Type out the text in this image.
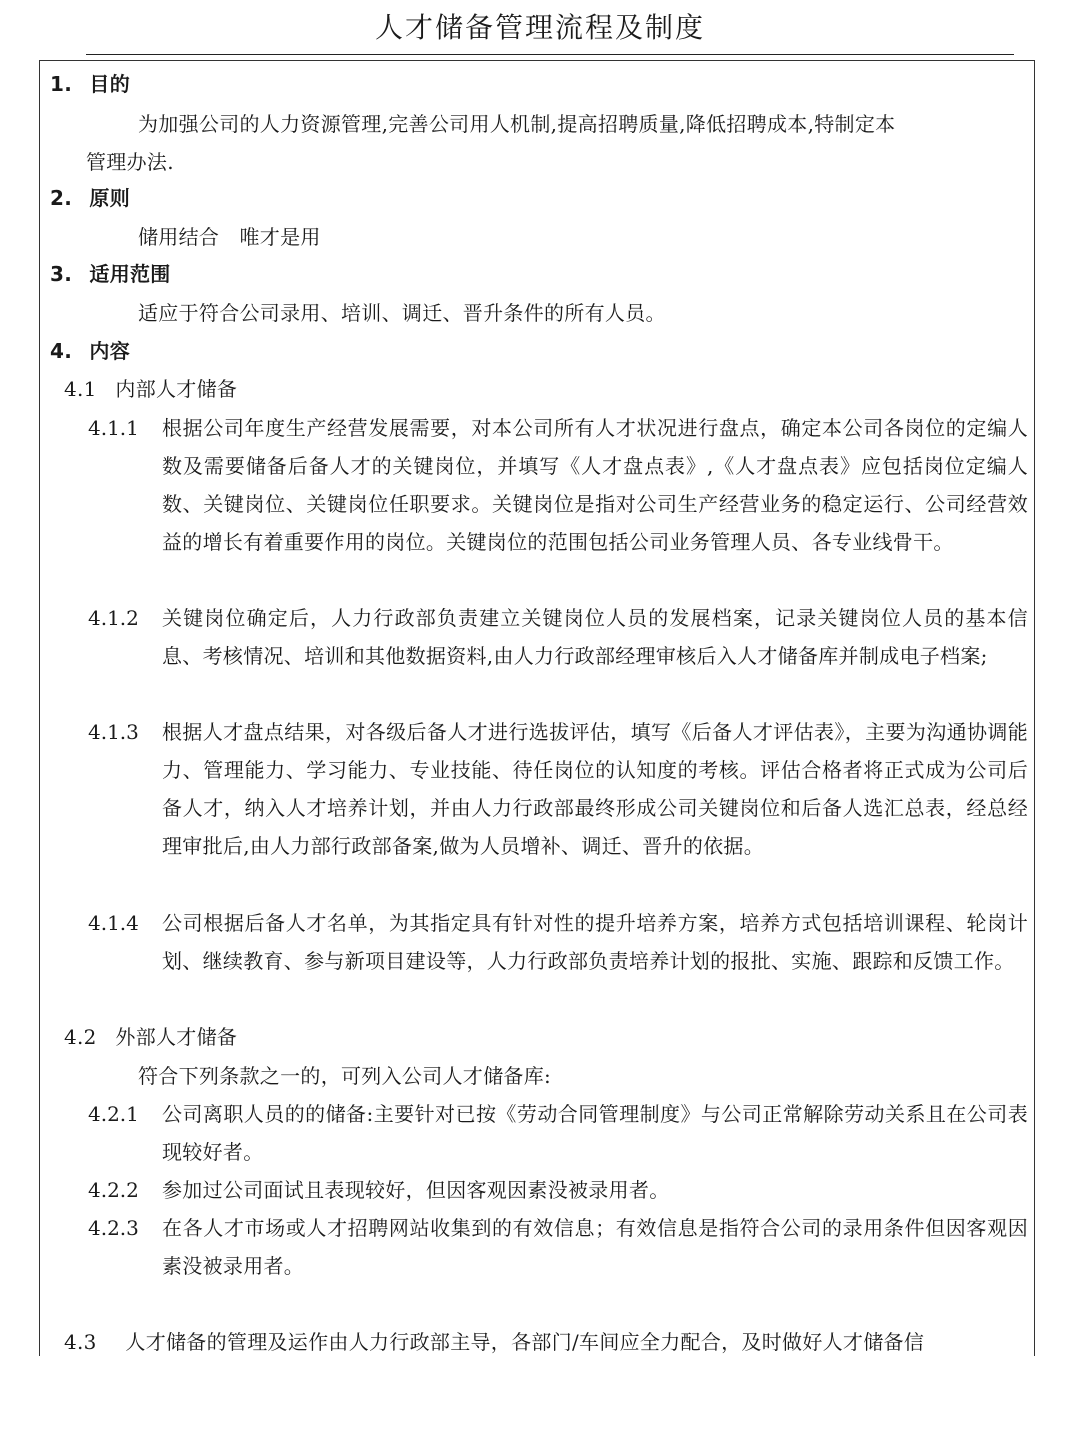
人才储备管理流程及制度
1. 目的
为加强公司的人力资源管理,完善公司用人机制,提高招聘质量,降低招聘成本,特制定本
管理办法.
2. 原则
储用结合　唯才是用
3. 适用范围
适应于符合公司录用、培训、调迁、晋升条件的所有人员。
4. 内容
4.1 内部人才储备
4.1.1 根据公司年度生产经营发展需要，对本公司所有人才状况进行盘点，确定本公司各岗位的定编人数及需要储备后备人才的关键岗位，并填写《人才盘点表》,《人才盘点表》应包括岗位定编人数、关键岗位、关键岗位任职要求。关键岗位是指对公司生产经营业务的稳定运行、公司经营效益的增长有着重要作用的岗位。关键岗位的范围包括公司业务管理人员、各专业线骨干。
4.1.2 关键岗位确定后，人力行政部负责建立关键岗位人员的发展档案，记录关键岗位人员的基本信息、考核情况、培训和其他数据资料,由人力行政部经理审核后入人才储备库并制成电子档案;
4.1.3 根据人才盘点结果，对各级后备人才进行选拔评估，填写《后备人才评估表》，主要为沟通协调能力、管理能力、学习能力、专业技能、待任岗位的认知度的考核。评估合格者将正式成为公司后备人才，纳入人才培养计划，并由人力行政部最终形成公司关键岗位和后备人选汇总表，经总经理审批后,由人力部行政部备案,做为人员增补、调迁、晋升的依据。
4.1.4 公司根据后备人才名单，为其指定具有针对性的提升培养方案，培养方式包括培训课程、轮岗计划、继续教育、参与新项目建设等，人力行政部负责培养计划的报批、实施、跟踪和反馈工作。
4.2 外部人才储备
符合下列条款之一的，可列入公司人才储备库:
4.2.1 公司离职人员的的储备:主要针对已按《劳动合同管理制度》与公司正常解除劳动关系且在公司表现较好者。
4.2.2 参加过公司面试且表现较好，但因客观因素没被录用者。
4.2.3 在各人才市场或人才招聘网站收集到的有效信息；有效信息是指符合公司的录用条件但因客观因素没被录用者。
4.3 人才储备的管理及运作由人力行政部主导，各部门/车间应全力配合，及时做好人才储备信
